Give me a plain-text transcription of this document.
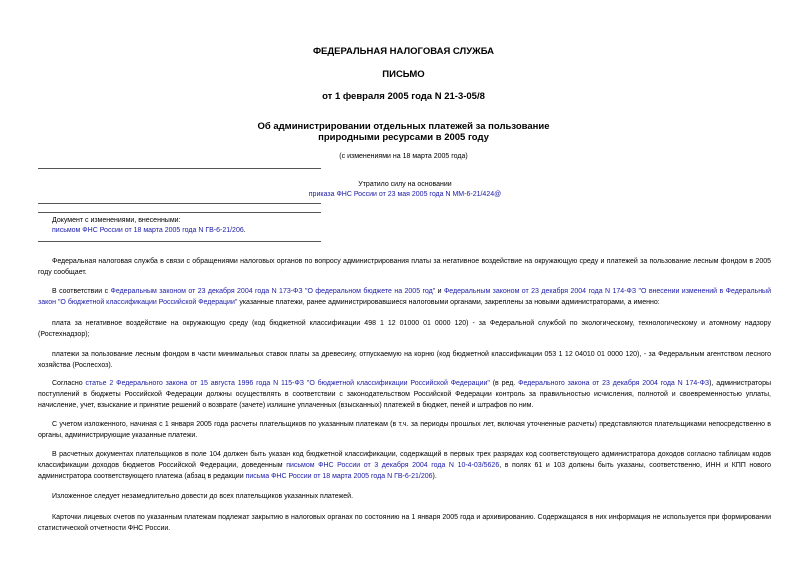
ФЕДЕРАЛЬНАЯ НАЛОГОВАЯ СЛУЖБА
ПИСЬМО
от 1 февраля 2005 года N 21-3-05/8
Об администрировании отдельных платежей за пользование
природными ресурсами в 2005 году
(с изменениями на 18 марта 2005 года)
Утратило силу на основании
приказа ФНС России от 23 мая 2005 года N ММ-6-21/424@
Документ с изменениями, внесенными:
письмом ФНС России от 18 марта 2005 года N ГВ-6-21/206.

Федеральная налоговая служба в связи с обращениями налоговых органов по вопросу администрирования платы за негативное воздействие на окружающую среду и платежей за пользование лесным фондом в 2005 году сообщает.

В соответствии с Федеральным законом от 23 декабря 2004 года N 173-ФЗ "О федеральном бюджете на 2005 год" и Федеральным законом от 23 декабря 2004 года N 174-ФЗ "О внесении изменений в Федеральный закон "О бюджетной классификации Российской Федерации" указанные платежи, ранее администрировавшиеся налоговыми органами, закреплены за новыми администраторами, а именно:

плата за негативное воздействие на окружающую среду (код бюджетной классификации 498 1 12 01000 01 0000 120) - за Федеральной службой по экологическому, технологическому и атомному надзору (Ростехнадзор);

платежи за пользование лесным фондом в части минимальных ставок платы за древесину, отпускаемую на корню (код бюджетной классификации 053 1 12 04010 01 0000 120), - за Федеральным агентством лесного хозяйства (Рослесхоз).

Согласно статье 2 Федерального закона от 15 августа 1996 года N 115-ФЗ "О бюджетной классификации Российской Федерации" (в ред. Федерального закона от 23 декабря 2004 года N 174-ФЗ), администраторы поступлений в бюджеты Российской Федерации должны осуществлять в соответствии с законодательством Российской Федерации контроль за правильностью исчисления, полнотой и своевременностью уплаты, начисление, учет, взыскание и принятие решений о возврате (зачете) излишне уплаченных (взысканных) платежей в бюджет, пеней и штрафов по ним.

С учетом изложенного, начиная с 1 января 2005 года расчеты плательщиков по указанным платежам (в т.ч. за периоды прошлых лет, включая уточненные расчеты) представляются плательщиками непосредственно в органы, администрирующие указанные платежи.

В расчетных документах плательщиков в поле 104 должен быть указан код бюджетной классификации, содержащий в первых трех разрядах код соответствующего администратора доходов согласно таблицам кодов классификации доходов бюджетов Российской Федерации, доведенным письмом ФНС России от 3 декабря 2004 года N 10-4-03/5626, в полях 61 и 103 должны быть указаны, соответственно, ИНН и КПП нового администратора соответствующего платежа (абзац в редакции письма ФНС России от 18 марта 2005 года N ГВ-6-21/206).

Изложенное следует незамедлительно довести до всех плательщиков указанных платежей.

Карточки лицевых счетов по указанным платежам подлежат закрытию в налоговых органах по состоянию на 1 января 2005 года и архивированию. Содержащаяся в них информация не используется при формировании статистической отчетности ФНС России.
